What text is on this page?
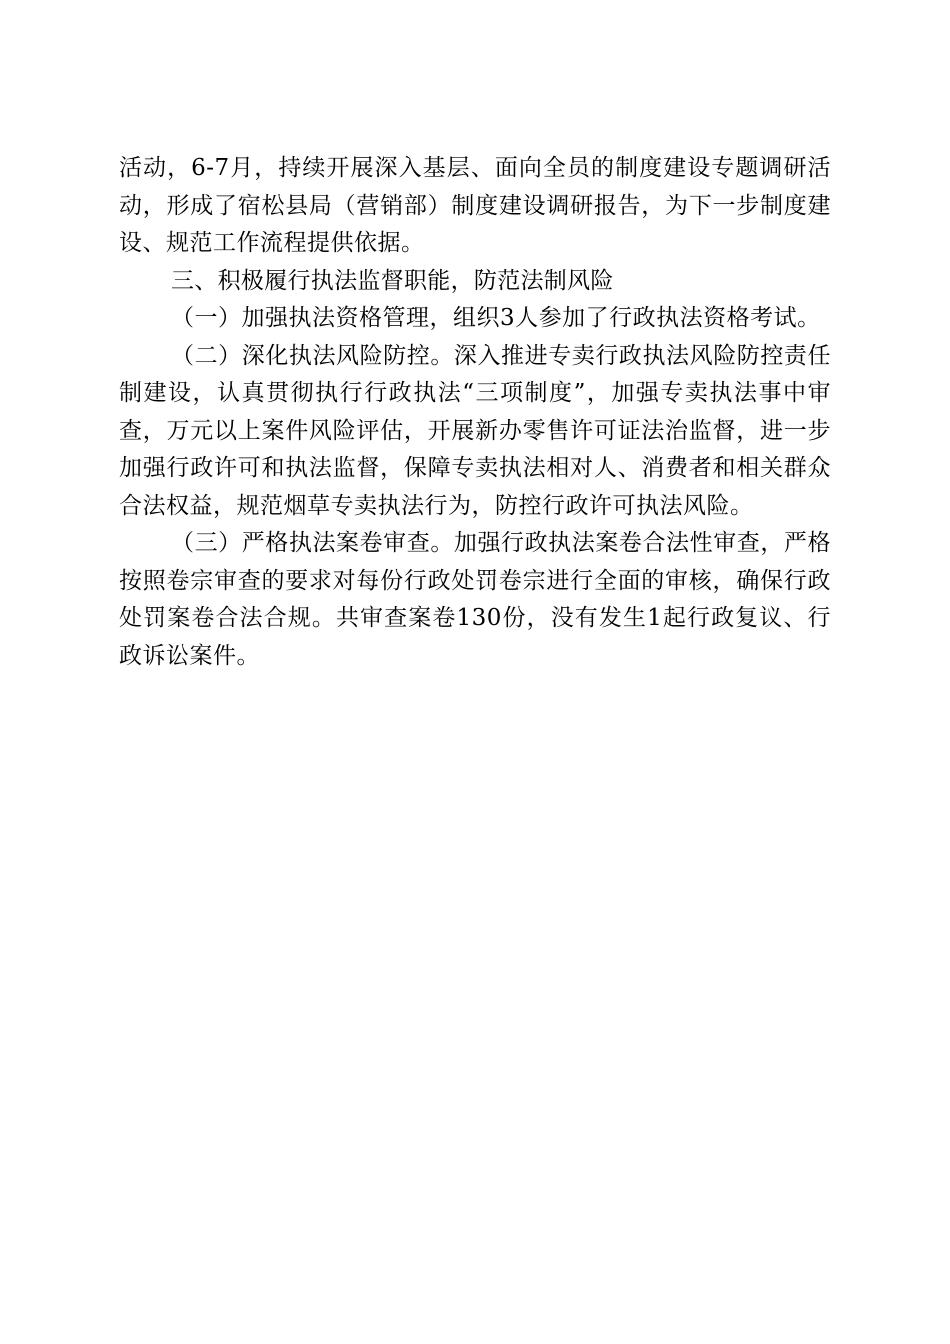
活动，6-7月，持续开展深入基层、面向全员的制度建设专题调研活动，形成了宿松县局（营销部）制度建设调研报告，为下一步制度建设、规范工作流程提供依据。

三、积极履行执法监督职能，防范法制风险

（一）加强执法资格管理，组织3人参加了行政执法资格考试。

（二）深化执法风险防控。深入推进专卖行政执法风险防控责任制建设，认真贯彻执行行政执法“三项制度”，加强专卖执法事中审查，万元以上案件风险评估，开展新办零售许可证法治监督，进一步加强行政许可和执法监督，保障专卖执法相对人、消费者和相关群众合法权益，规范烟草专卖执法行为，防控行政许可执法风险。

（三）严格执法案卷审查。加强行政执法案卷合法性审查，严格按照卷宗审查的要求对每份行政处罚卷宗进行全面的审核，确保行政处罚案卷合法合规。共审查案卷130份，没有发生1起行政复议、行政诉讼案件。
